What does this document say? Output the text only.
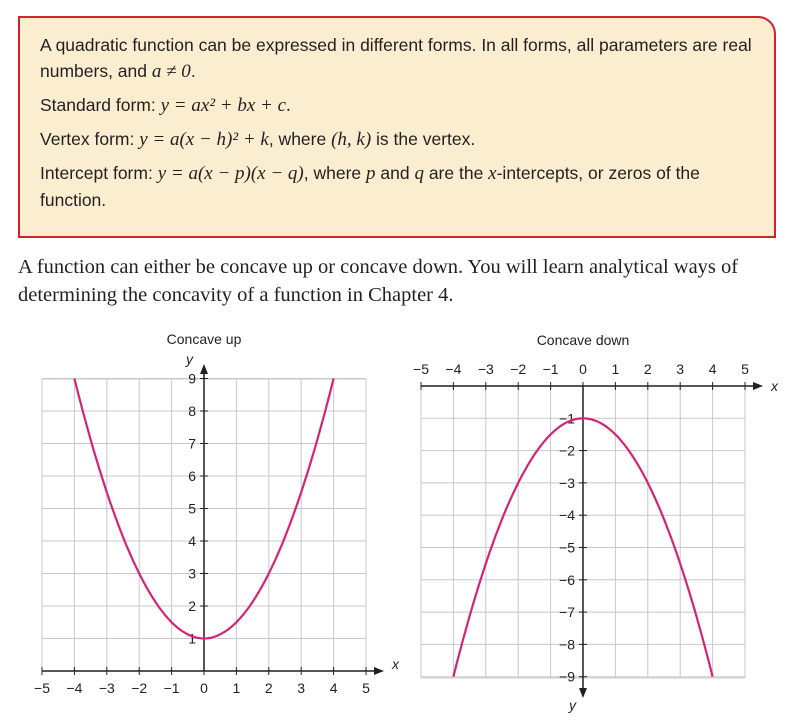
A quadratic function can be expressed in different forms. In all forms, all parameters are real numbers, and a ≠ 0.

Standard form: y = ax² + bx + c.

Vertex form: y = a(x − h)² + k, where (h, k) is the vertex.

Intercept form: y = a(x − p)(x − q), where p and q are the x-intercepts, or zeros of the function.

A function can either be concave up or concave down. You will learn analytical ways of determining the concavity of a function in Chapter 4.

Concave up
x
y
−5 −4 −3 −2 −1 0 1 2 3 4 5
1
2
3
4
5
6
7
8
9
Concave down
x
y
−5 −4 −3 −2 −1 0 1 2 3 4 5
−1
−2
−3
−4
−5
−6
−7
−8
−9
